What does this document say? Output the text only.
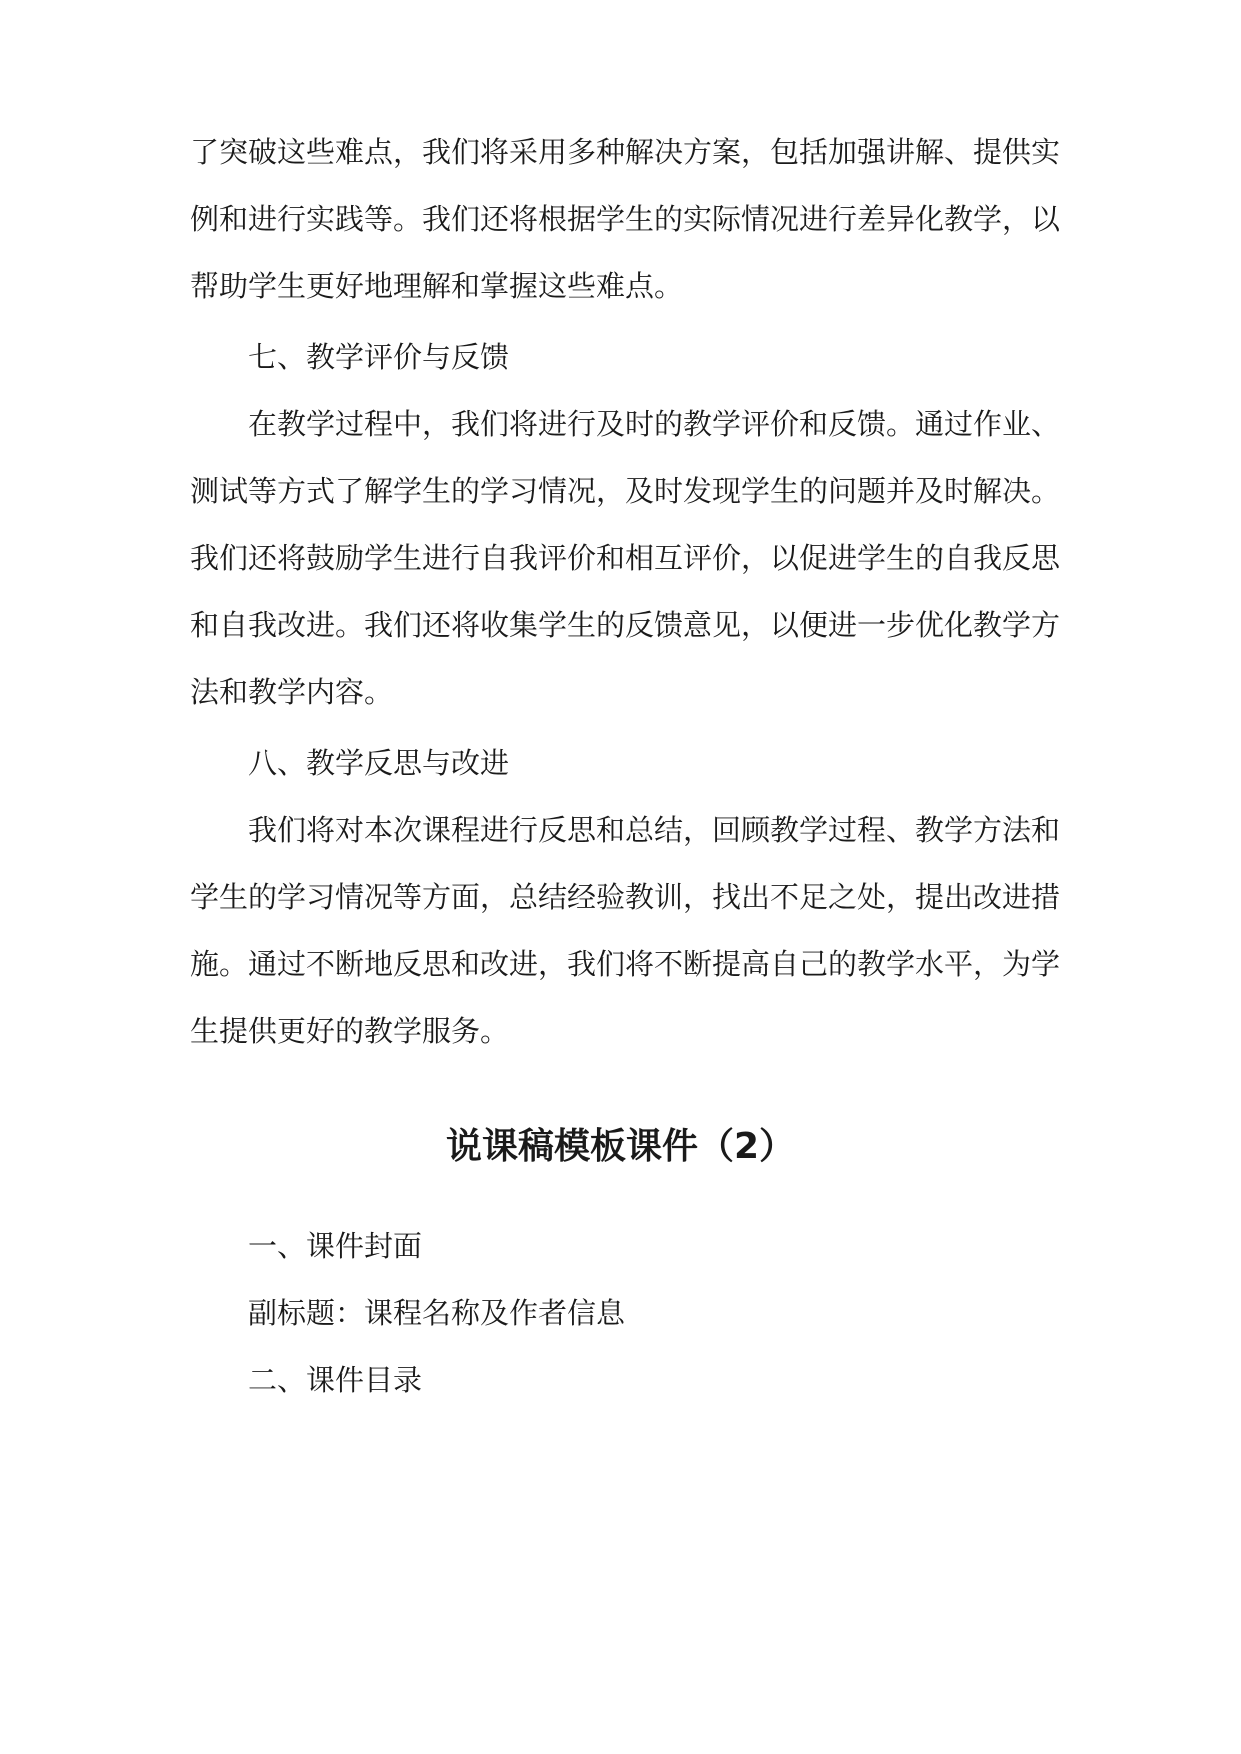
了突破这些难点，我们将采用多种解决方案，包括加强讲解、提供实
例和进行实践等。我们还将根据学生的实际情况进行差异化教学，以
帮助学生更好地理解和掌握这些难点。
七、教学评价与反馈
在教学过程中，我们将进行及时的教学评价和反馈。通过作业、
测试等方式了解学生的学习情况，及时发现学生的问题并及时解决。
我们还将鼓励学生进行自我评价和相互评价，以促进学生的自我反思
和自我改进。我们还将收集学生的反馈意见，以便进一步优化教学方
法和教学内容。
八、教学反思与改进
我们将对本次课程进行反思和总结，回顾教学过程、教学方法和
学生的学习情况等方面，总结经验教训，找出不足之处，提出改进措
施。通过不断地反思和改进，我们将不断提高自己的教学水平，为学
生提供更好的教学服务。
说课稿模板课件（2）
一、课件封面
副标题：课程名称及作者信息
二、课件目录
